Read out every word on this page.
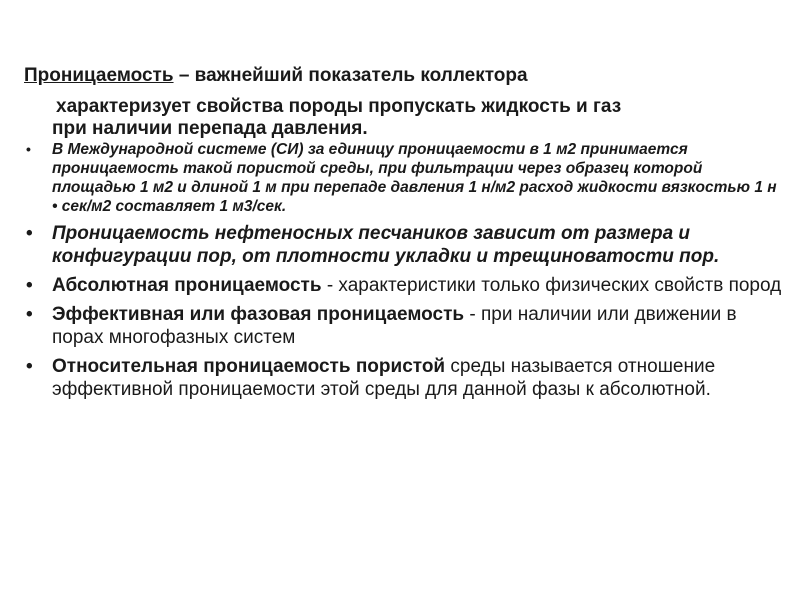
Проницаемость – важнейший показатель коллектора
характеризует свойства породы пропускать жидкость и газ
при наличии перепада давления.
• В Международной системе (СИ) за единицу проницаемости в 1 м2 принимается проницаемость такой пористой среды, при фильтрации через образец которой площадью 1 м2 и длиной 1 м при перепаде давления 1 н/м2 расход жидкости вязкостью 1 н • сек/м2 составляет 1 м3/сек.
• Проницаемость нефтеносных песчаников зависит от размера и конфигурации пор, от плотности укладки и трещиноватости пор.
• Абсолютная проницаемость - характеристики только физических свойств пород
• Эффективная или фазовая проницаемость - при наличии или движении в порах многофазных систем
• Относительная проницаемость пористой среды называется отношение эффективной проницаемости этой среды для данной фазы к абсолютной.
